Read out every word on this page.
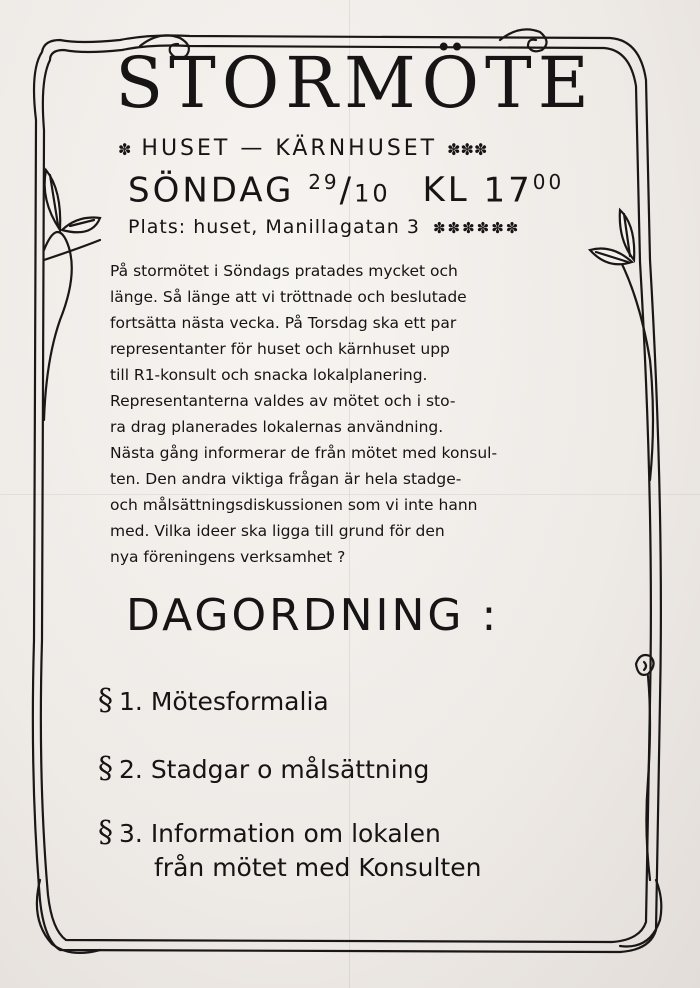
STORMÖTE
✽ HUSET — KÄRNHUSET ✽✽✽
SÖNDAG $^{29}$/10 KL $17^{00}$
Plats: huset, Manillagatan 3 ✽✽✽✽✽✽

På stormötet i Söndags pratades mycket och
länge. Så länge att vi tröttnade och beslutade
fortsätta nästa vecka. På Torsdag ska ett par
representanter för huset och kärnhuset upp
till R1-konsult och snacka lokalplanering.
Representanterna valdes av mötet och i sto-
ra drag planerades lokalernas användning.
Nästa gång informerar de från mötet med konsul-
ten. Den andra viktiga frågan är hela stadge-
och målsättningsdiskussionen som vi inte hann
med. Vilka ideer ska ligga till grund för den
nya föreningens verksamhet ?

DAGORDNING :
§ 1. Mötesformalia
§ 2. Stadgar o målsättning
§ 3. Information om lokalen
från mötet med Konsulten
